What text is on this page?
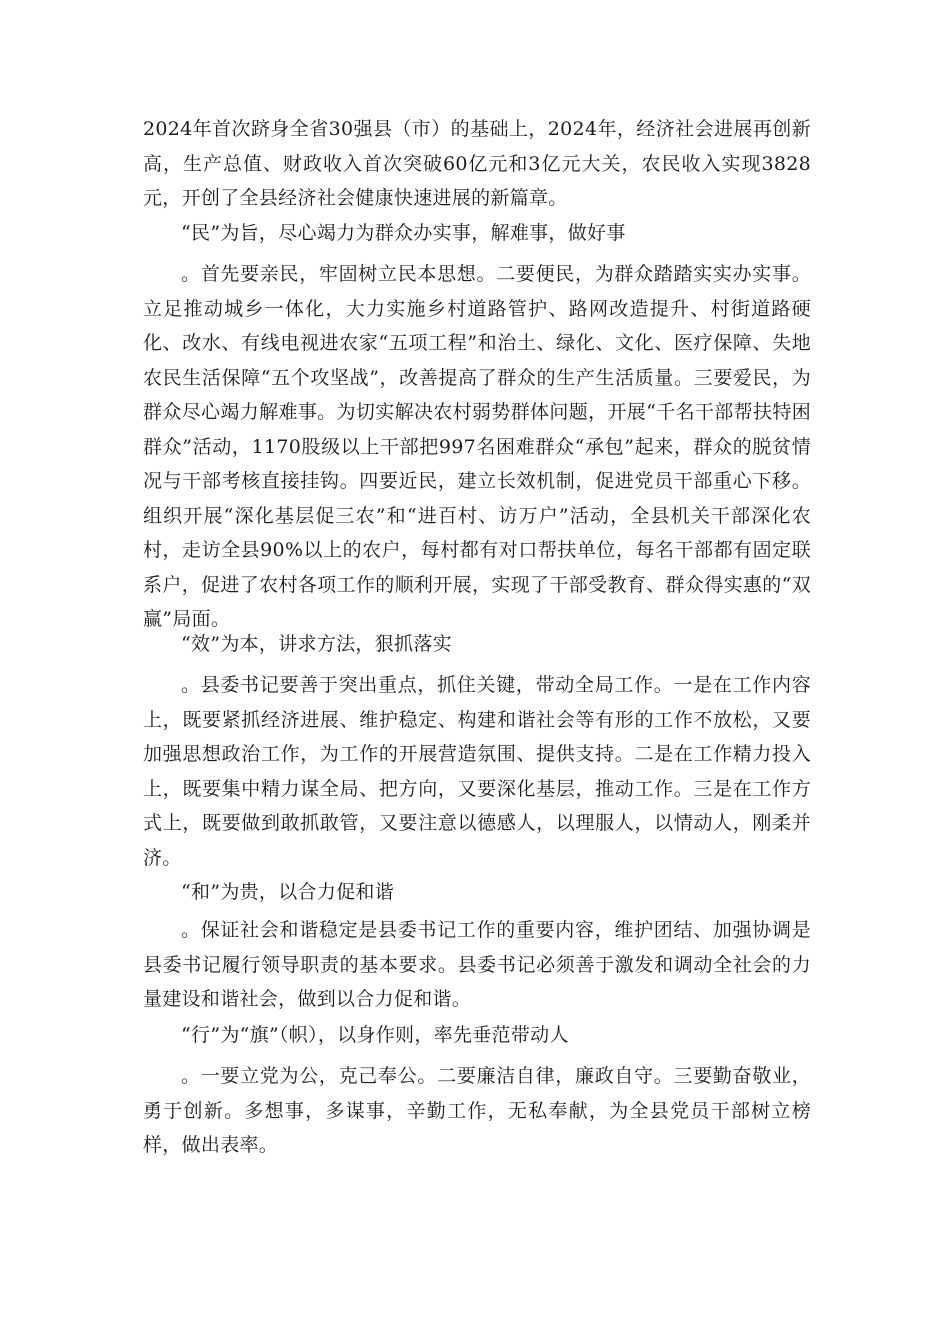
2024年首次跻身全省30强县（市）的基础上，2024年，经济社会进展再创新高，生产总值、财政收入首次突破60亿元和3亿元大关，农民收入实现3828元，开创了全县经济社会健康快速进展的新篇章。

“民”为旨，尽心竭力为群众办实事，解难事，做好事

。首先要亲民，牢固树立民本思想。二要便民，为群众踏踏实实办实事。立足推动城乡一体化，大力实施乡村道路管护、路网改造提升、村街道路硬化、改水、有线电视进农家“五项工程”和治土、绿化、文化、医疗保障、失地农民生活保障“五个攻坚战”，改善提高了群众的生产生活质量。三要爱民，为群众尽心竭力解难事。为切实解决农村弱势群体问题，开展“千名干部帮扶特困群众”活动，1170股级以上干部把997名困难群众“承包”起来，群众的脱贫情况与干部考核直接挂钩。四要近民，建立长效机制，促进党员干部重心下移。组织开展“深化基层促三农”和“进百村、访万户”活动，全县机关干部深化农村，走访全县90%以上的农户，每村都有对口帮扶单位，每名干部都有固定联系户，促进了农村各项工作的顺利开展，实现了干部受教育、群众得实惠的“双赢”局面。

“效”为本，讲求方法，狠抓落实

。县委书记要善于突出重点，抓住关键，带动全局工作。一是在工作内容上，既要紧抓经济进展、维护稳定、构建和谐社会等有形的工作不放松，又要加强思想政治工作，为工作的开展营造氛围、提供支持。二是在工作精力投入上，既要集中精力谋全局、把方向，又要深化基层，推动工作。三是在工作方式上，既要做到敢抓敢管，又要注意以德感人，以理服人，以情动人，刚柔并济。

“和”为贵，以合力促和谐

。保证社会和谐稳定是县委书记工作的重要内容，维护团结、加强协调是县委书记履行领导职责的基本要求。县委书记必须善于激发和调动全社会的力量建设和谐社会，做到以合力促和谐。

“行”为“旗”（帜），以身作则，率先垂范带动人

。一要立党为公，克己奉公。二要廉洁自律，廉政自守。三要勤奋敬业，勇于创新。多想事，多谋事，辛勤工作，无私奉献，为全县党员干部树立榜样，做出表率。
